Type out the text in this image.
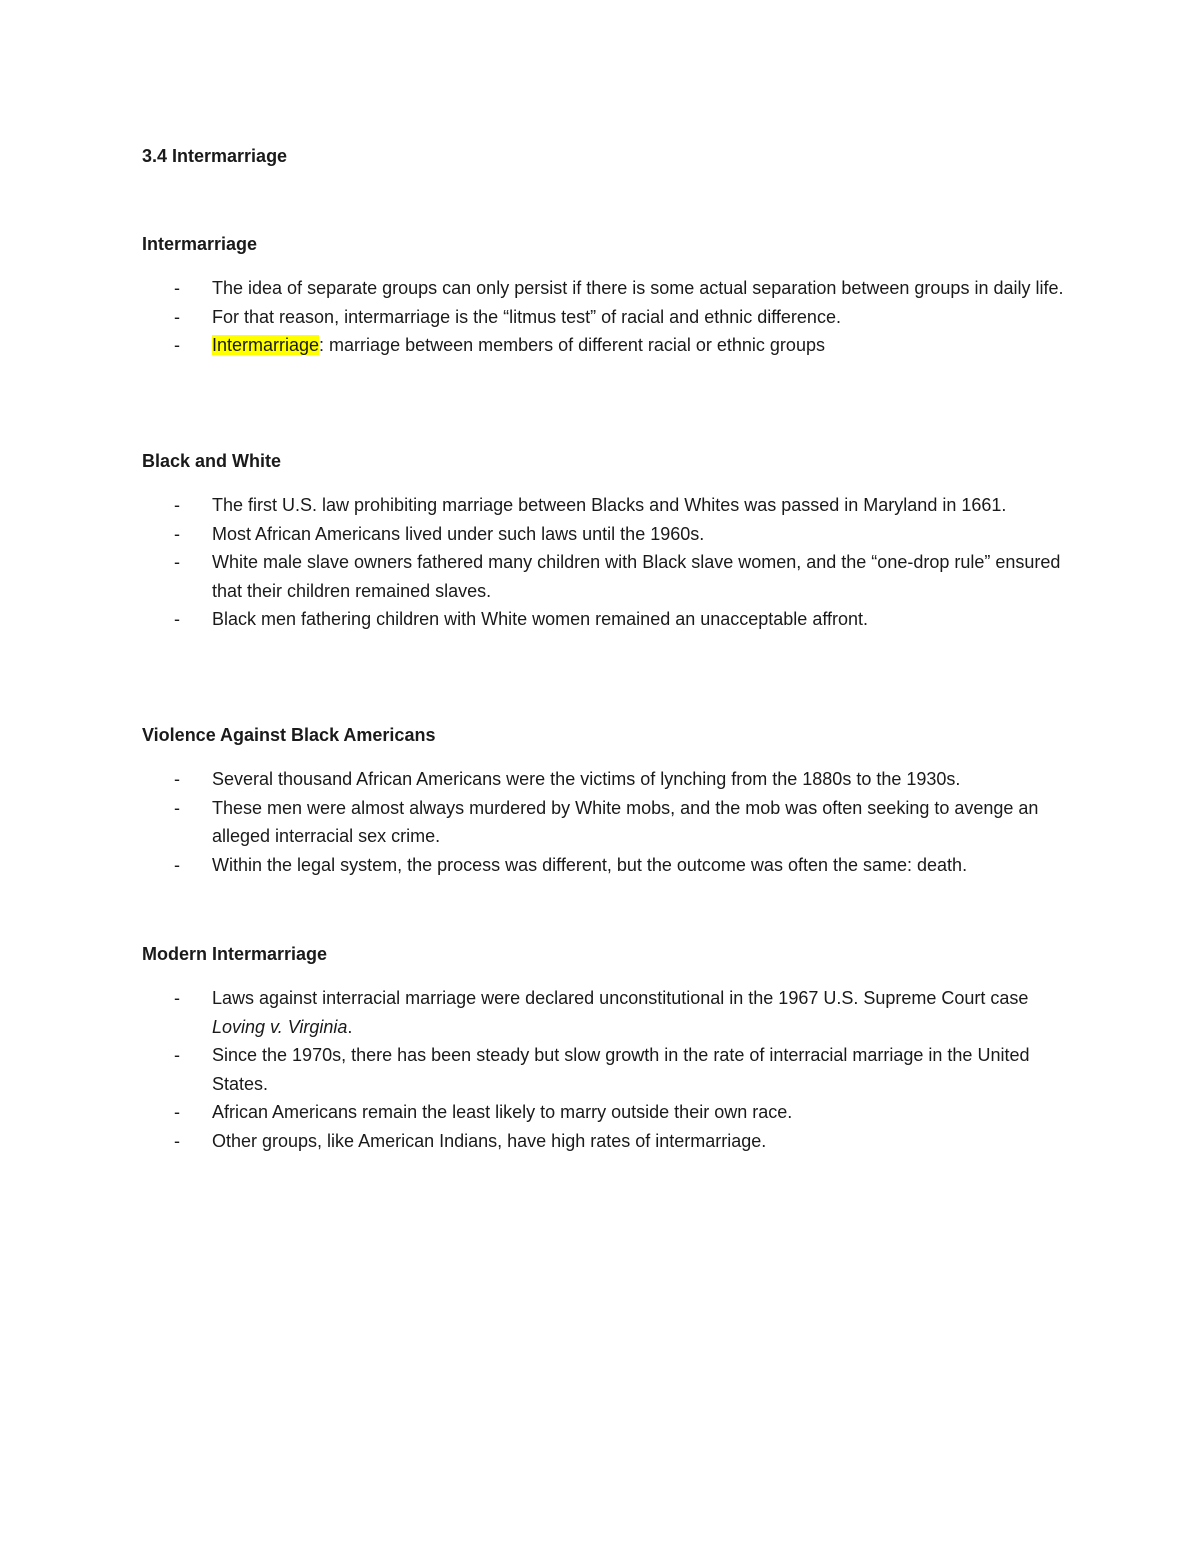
3.4 Intermarriage
Intermarriage
- The idea of separate groups can only persist if there is some actual separation between groups in daily life.
- For that reason, intermarriage is the “litmus test” of racial and ethnic difference.
- Intermarriage: marriage between members of different racial or ethnic groups
Black and White
- The first U.S. law prohibiting marriage between Blacks and Whites was passed in Maryland in 1661.
- Most African Americans lived under such laws until the 1960s.
- White male slave owners fathered many children with Black slave women, and the “one-drop rule” ensured that their children remained slaves.
- Black men fathering children with White women remained an unacceptable affront.
Violence Against Black Americans
- Several thousand African Americans were the victims of lynching from the 1880s to the 1930s.
- These men were almost always murdered by White mobs, and the mob was often seeking to avenge an alleged interracial sex crime.
- Within the legal system, the process was different, but the outcome was often the same: death.
Modern Intermarriage
- Laws against interracial marriage were declared unconstitutional in the 1967 U.S. Supreme Court case Loving v. Virginia.
- Since the 1970s, there has been steady but slow growth in the rate of interracial marriage in the United States.
- African Americans remain the least likely to marry outside their own race.
- Other groups, like American Indians, have high rates of intermarriage.
